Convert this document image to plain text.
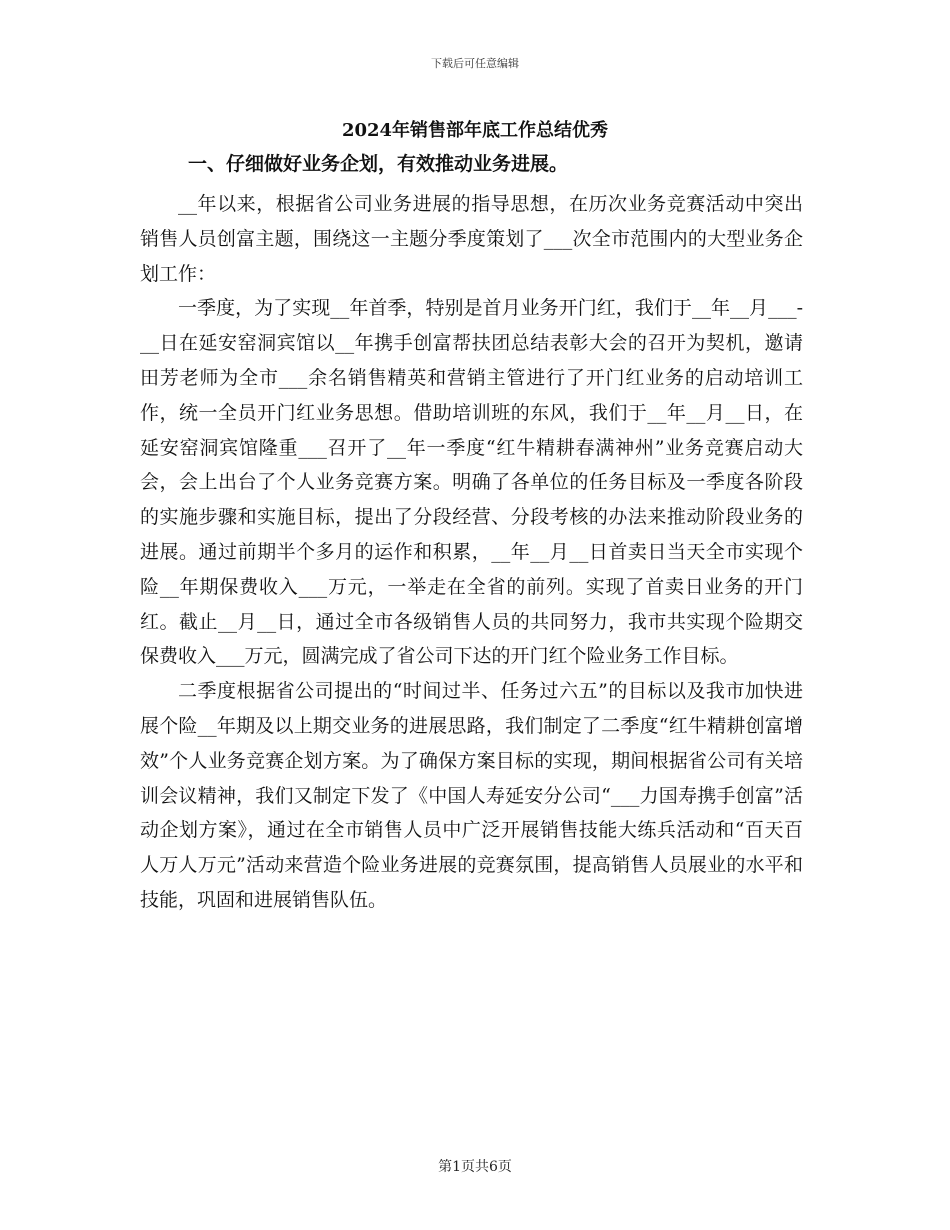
下载后可任意编辑
2024年销售部年底工作总结优秀
一、仔细做好业务企划，有效推动业务进展。

__年以来，根据省公司业务进展的指导思想，在历次业务竞赛活动中突出销售人员创富主题，围绕这一主题分季度策划了___次全市范围内的大型业务企划工作：

一季度，为了实现__年首季，特别是首月业务开门红，我们于__年__月___-__日在延安窑洞宾馆以__年携手创富帮扶团总结表彰大会的召开为契机，邀请田芳老师为全市___余名销售精英和营销主管进行了开门红业务的启动培训工作，统一全员开门红业务思想。借助培训班的东风，我们于__年__月__日，在延安窑洞宾馆隆重___召开了__年一季度“红牛精耕春满神州”业务竞赛启动大会，会上出台了个人业务竞赛方案。明确了各单位的任务目标及一季度各阶段的实施步骤和实施目标，提出了分段经营、分段考核的办法来推动阶段业务的进展。通过前期半个多月的运作和积累，__年__月__日首卖日当天全市实现个险__年期保费收入___万元，一举走在全省的前列。实现了首卖日业务的开门红。截止__月__日，通过全市各级销售人员的共同努力，我市共实现个险期交保费收入___万元，圆满完成了省公司下达的开门红个险业务工作目标。

二季度根据省公司提出的“时间过半、任务过六五”的目标以及我市加快进展个险__年期及以上期交业务的进展思路，我们制定了二季度“红牛精耕创富增效”个人业务竞赛企划方案。为了确保方案目标的实现，期间根据省公司有关培训会议精神，我们又制定下发了《中国人寿延安分公司“___力国寿携手创富”活动企划方案》，通过在全市销售人员中广泛开展销售技能大练兵活动和“百天百人万人万元”活动来营造个险业务进展的竞赛氛围，提高销售人员展业的水平和技能，巩固和进展销售队伍。

第1页共6页
